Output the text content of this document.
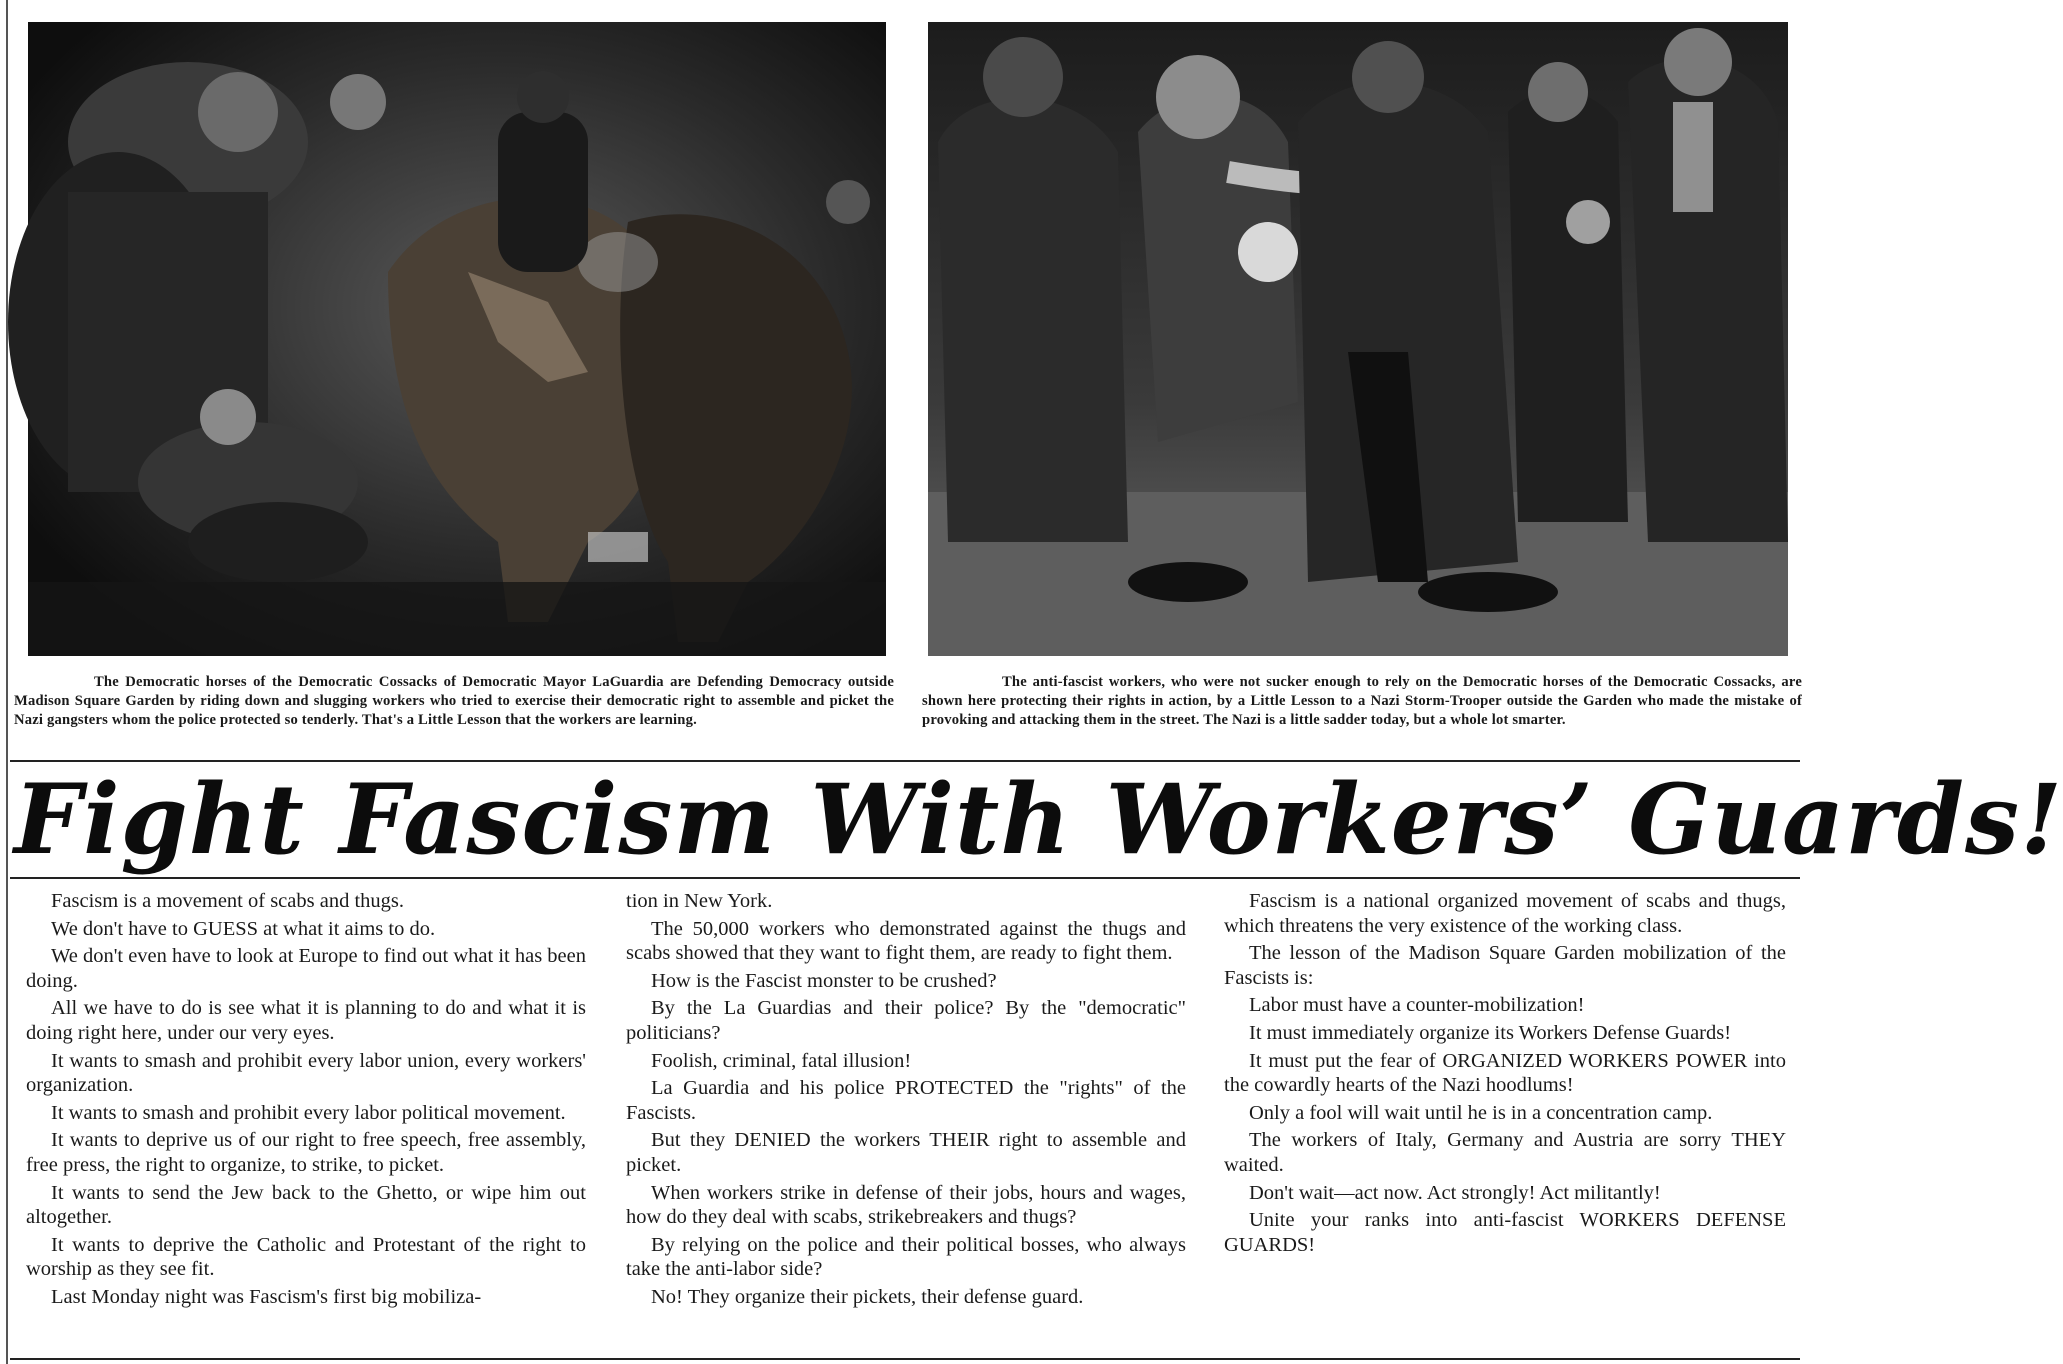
The Democratic horses of the Democratic Cossacks of Democratic Mayor LaGuardia are Defending Democracy outside Madison Square Garden by riding down and slugging workers who tried to exercise their democratic right to assemble and picket the Nazi gangsters whom the police protected so tenderly. That's a Little Lesson that the workers are learning.

The anti-fascist workers, who were not sucker enough to rely on the Democratic horses of the Democratic Cossacks, are shown here protecting their rights in action, by a Little Lesson to a Nazi Storm-Trooper outside the Garden who made the mistake of provoking and attacking them in the street. The Nazi is a little sadder today, but a whole lot smarter.

Fight Fascism With Workers’ Guards!

Fascism is a movement of scabs and thugs.

We don't have to GUESS at what it aims to do.

We don't even have to look at Europe to find out what it has been doing.

All we have to do is see what it is planning to do and what it is doing right here, under our very eyes.

It wants to smash and prohibit every labor union, every workers' organization.

It wants to smash and prohibit every labor political movement.

It wants to deprive us of our right to free speech, free assembly, free press, the right to organize, to strike, to picket.

It wants to send the Jew back to the Ghetto, or wipe him out altogether.

It wants to deprive the Catholic and Protestant of the right to worship as they see fit.

Last Monday night was Fascism's first big mobiliza-

tion in New York.

The 50,000 workers who demonstrated against the thugs and scabs showed that they want to fight them, are ready to fight them.

How is the Fascist monster to be crushed?

By the La Guardias and their police? By the "democratic" politicians?

Foolish, criminal, fatal illusion!

La Guardia and his police PROTECTED the "rights" of the Fascists.

But they DENIED the workers THEIR right to assemble and picket.

When workers strike in defense of their jobs, hours and wages, how do they deal with scabs, strikebreakers and thugs?

By relying on the police and their political bosses, who always take the anti-labor side?

No! They organize their pickets, their defense guard.

Fascism is a national organized movement of scabs and thugs, which threatens the very existence of the working class.

The lesson of the Madison Square Garden mobilization of the Fascists is:

Labor must have a counter-mobilization!

It must immediately organize its Workers Defense Guards!

It must put the fear of ORGANIZED WORKERS POWER into the cowardly hearts of the Nazi hoodlums!

Only a fool will wait until he is in a concentration camp.

The workers of Italy, Germany and Austria are sorry THEY waited.

Don't wait—act now. Act strongly! Act militantly!

Unite your ranks into anti-fascist WORKERS DEFENSE GUARDS!
